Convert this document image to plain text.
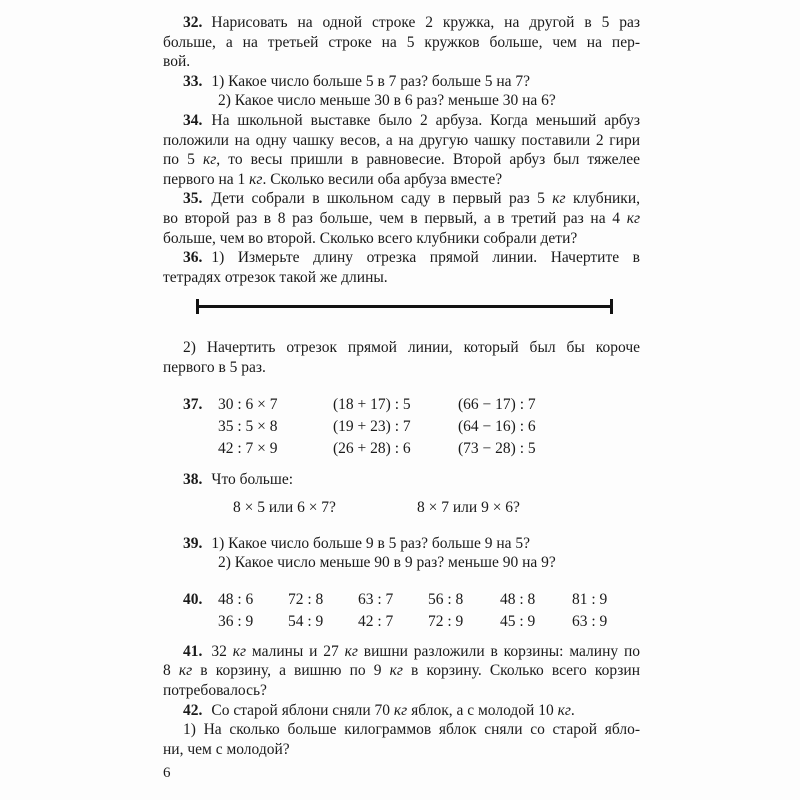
32. Нарисовать на одной строке 2 кружка, на другой в 5 раз
больше, а на третьей строке на 5 кружков больше, чем на пер-
вой.
33. 1) Какое число больше 5 в 7 раз? больше 5 на 7?
2) Какое число меньше 30 в 6 раз? меньше 30 на 6?
34. На школьной выставке было 2 арбуза. Когда меньший арбуз
положили на одну чашку весов, а на другую чашку поставили 2 гири
по 5 кг, то весы пришли в равновесие. Второй арбуз был тяжелее
первого на 1 кг. Сколько весили оба арбуза вместе?
35. Дети собрали в школьном саду в первый раз 5 кг клубники,
во второй раз в 8 раз больше, чем в первый, а в третий раз на 4 кг
больше, чем во второй. Сколько всего клубники собрали дети?
36. 1) Измерьте длину отрезка прямой линии. Начертите в
тетрадях отрезок такой же длины.
2) Начертить отрезок прямой линии, который был бы короче
первого в 5 раз.
37.	30 : 6 × 7	(18 + 17) : 5	(66 − 17) : 7
35 : 5 × 8	(19 + 23) : 7	(64 − 16) : 6
42 : 7 × 9	(26 + 28) : 6	(73 − 28) : 5
38. Что больше:
8 × 5 или 6 × 7?	8 × 7 или 9 × 6?
39. 1) Какое число больше 9 в 5 раз? больше 9 на 5?
2) Какое число меньше 90 в 9 раз? меньше 90 на 9?
40.	48 : 6	72 : 8	63 : 7	56 : 8	48 : 8	81 : 9
36 : 9	54 : 9	42 : 7	72 : 9	45 : 9	63 : 9
41. 32 кг малины и 27 кг вишни разложили в корзины: малину по
8 кг в корзину, а вишню по 9 кг в корзину. Сколько всего корзин
потребовалось?
42. Со старой яблони сняли 70 кг яблок, а с молодой 10 кг.
1) На сколько больше килограммов яблок сняли со старой ябло-
ни, чем с молодой?
6
